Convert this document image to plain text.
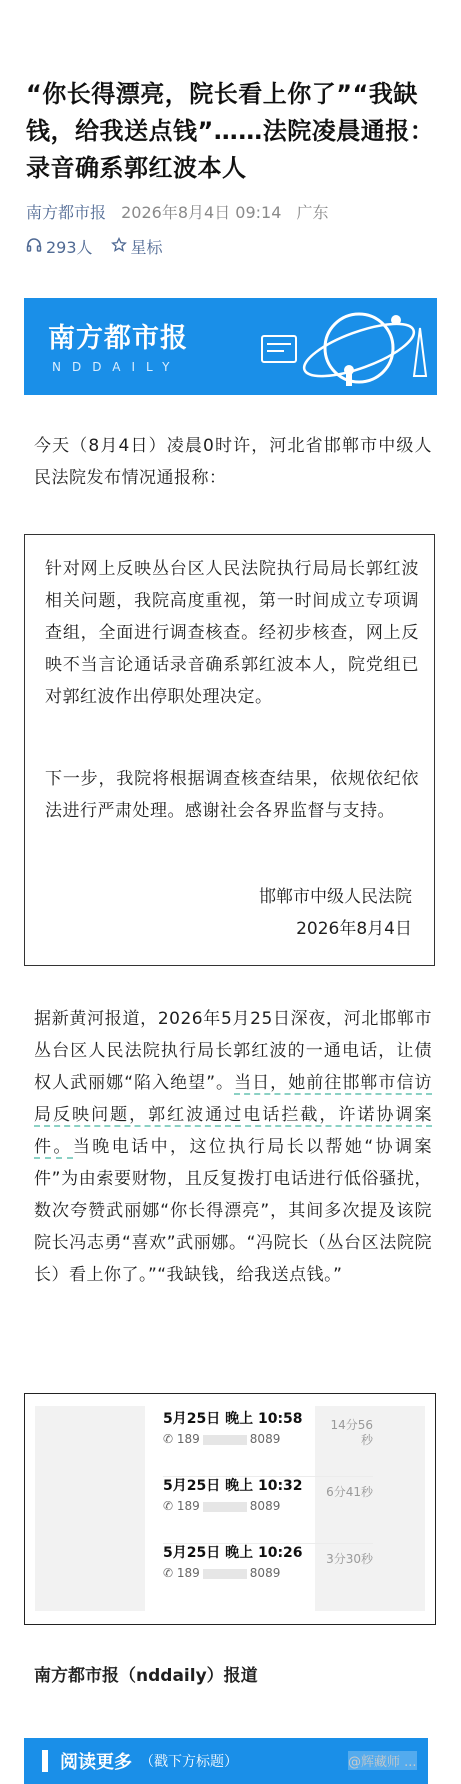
“你长得漂亮，院长看上你了”“我缺钱，给我送点钱”……法院凌晨通报：录音确系郭红波本人
南方都市报 2026年8月4日 09:14 广东
293人 星标
南方都市报
NDDAILY
今天（8月4日）凌晨0时许，河北省邯郸市中级人民法院发布情况通报称：
针对网上反映丛台区人民法院执行局局长郭红波相关问题，我院高度重视，第一时间成立专项调查组，全面进行调查核查。经初步核查，网上反映不当言论通话录音确系郭红波本人，院党组已对郭红波作出停职处理决定。
下一步，我院将根据调查核查结果，依规依纪依法进行严肃处理。感谢社会各界监督与支持。
邯郸市中级人民法院
2026年8月4日
据新黄河报道，2026年5月25日深夜，河北邯郸市丛台区人民法院执行局长郭红波的一通电话，让债权人武丽娜“陷入绝望”。当日，她前往邯郸市信访局反映问题，郭红波通过电话拦截，许诺协调案件。当晚电话中，这位执行局长以帮她“协调案件”为由索要财物，且反复拨打电话进行低俗骚扰，数次夸赞武丽娜“你长得漂亮”，其间多次提及该院院长冯志勇“喜欢”武丽娜。“冯院长（丛台区法院院长）看上你了。”“我缺钱，给我送点钱。”
5月25日 晚上 10:58
✆ 189	8089
14分56秒
5月25日 晚上 10:32
✆ 189	8089
6分41秒
5月25日 晚上 10:26
✆ 189	8089
3分30秒
南方都市报（nddaily）报道
阅读更多 （戳下方标题）	@辉藏师 ...
